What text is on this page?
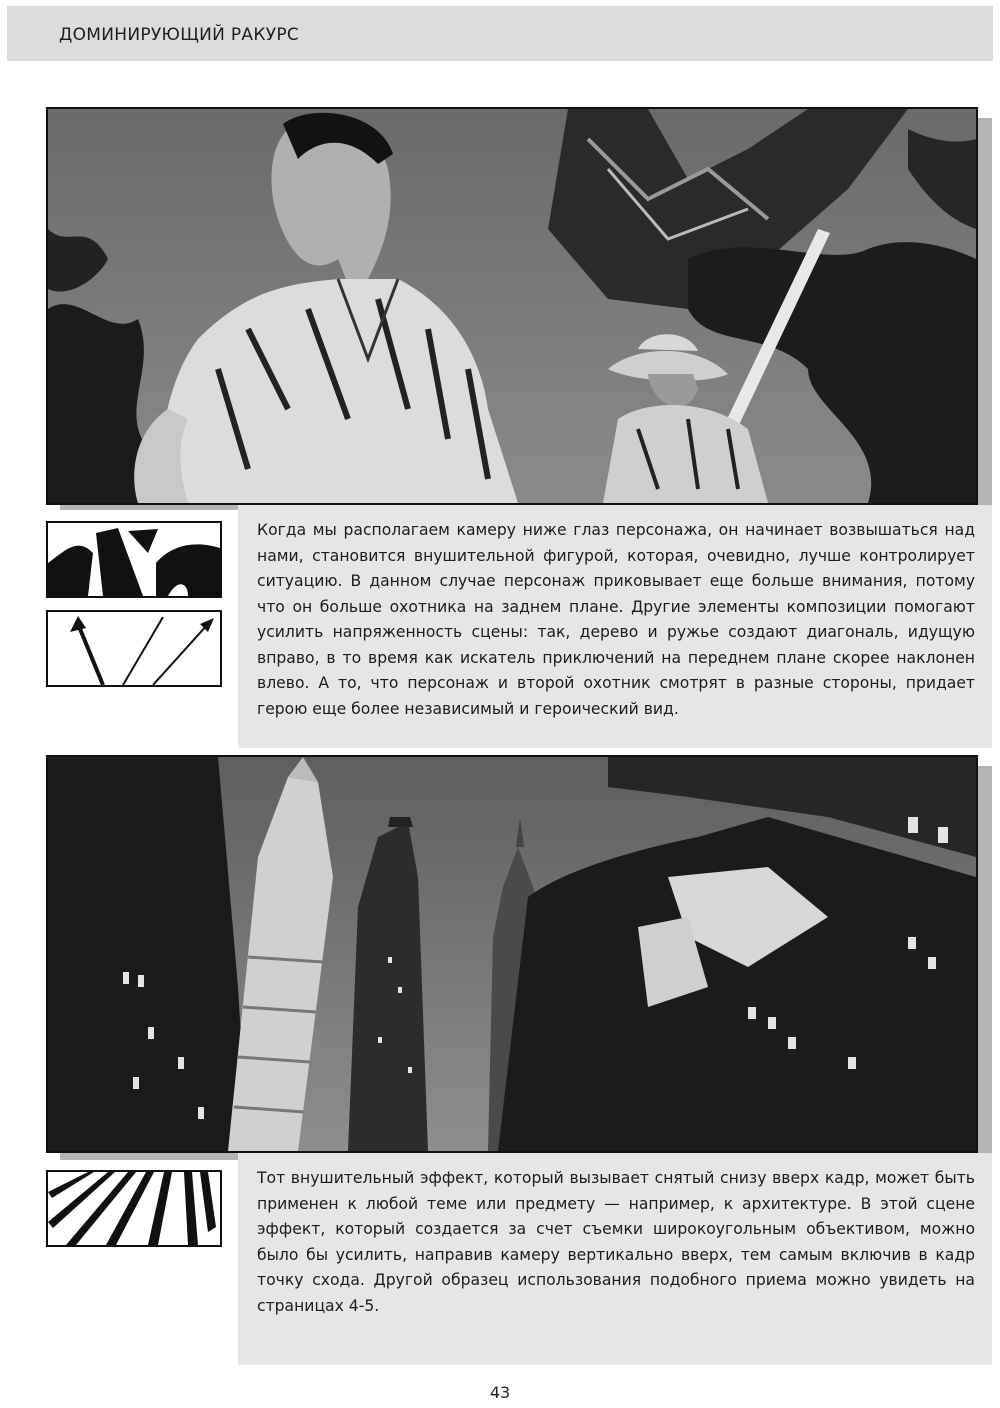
ДОМИНИРУЮЩИЙ РАКУРС
Когда мы располагаем камеру ниже глаз персонажа, он начинает возвышаться над нами, становится внушительной фигурой, которая, очевидно, лучше контролирует ситуацию. В данном случае персонаж приковывает еще больше внимания, потому что он больше охотника на заднем плане. Другие элементы композиции помогают усилить напряженность сцены: так, дерево и ружье создают диагональ, идущую вправо, в то время как искатель приключений на переднем плане скорее наклонен влево. А то, что персонаж и второй охотник смотрят в разные стороны, придает герою еще более независимый и героический вид.
Тот внушительный эффект, который вызывает снятый снизу вверх кадр, может быть применен к любой теме или предмету — например, к архитектуре. В этой сцене эффект, который создается за счет съемки широкоугольным объективом, можно было бы усилить, направив камеру вертикально вверх, тем самым включив в кадр точку схода. Другой образец использования подобного приема можно увидеть на страницах 4-5.
43
